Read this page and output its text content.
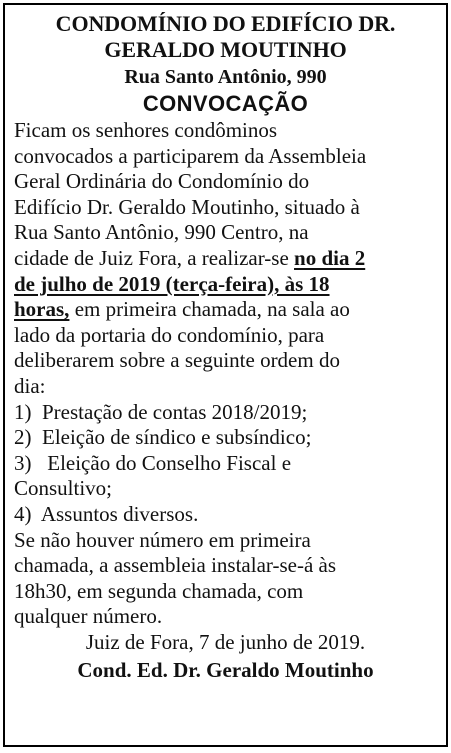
CONDOMÍNIO DO EDIFÍCIO DR.
GERALDO MOUTINHO
Rua Santo Antônio, 990
CONVOCAÇÃO
Ficam os senhores condôminos
convocados a participarem da Assembleia
Geral Ordinária do Condomínio do
Edifício Dr. Geraldo Moutinho, situado à
Rua Santo Antônio, 990 Centro, na
cidade de Juiz Fora, a realizar-se no dia 2
de julho de 2019 (terça-feira), às 18
horas, em primeira chamada, na sala ao
lado da portaria do condomínio, para
deliberarem sobre a seguinte ordem do
dia:
1)  Prestação de contas 2018/2019;
2)  Eleição de síndico e subsíndico;
3)   Eleição do Conselho Fiscal e
Consultivo;
4)  Assuntos diversos.
Se não houver número em primeira
chamada, a assembleia instalar-se-á às
18h30, em segunda chamada, com
qualquer número.
Juiz de Fora, 7 de junho de 2019.
Cond. Ed. Dr. Geraldo Moutinho
